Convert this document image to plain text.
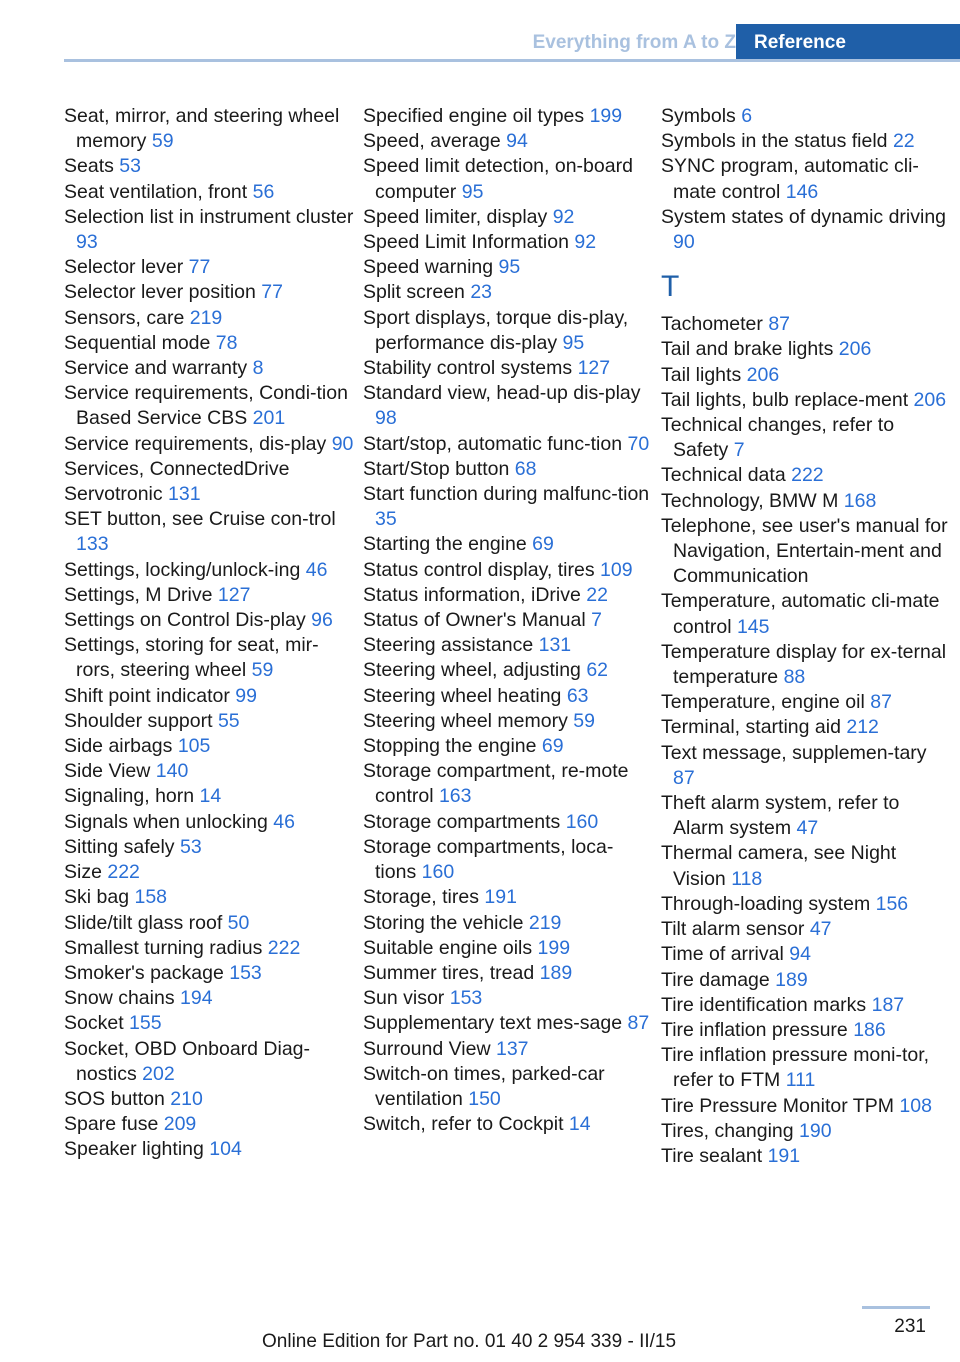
Everything from A to Z Reference

Seat, mirror, and steering wheel memory 59

Seats 53

Seat ventilation, front 56

Selection list in instrument cluster 93

Selector lever 77

Selector lever position 77

Sensors, care 219

Sequential mode 78

Service and warranty 8

Service requirements, Condi-tion Based Service CBS 201

Service requirements, dis-play 90

Services, ConnectedDrive

Servotronic 131

SET button, see Cruise con-trol 133

Settings, locking/unlock-ing 46

Settings, M Drive 127

Settings on Control Dis-play 96

Settings, storing for seat, mir-rors, steering wheel 59

Shift point indicator 99

Shoulder support 55

Side airbags 105

Side View 140

Signaling, horn 14

Signals when unlocking 46

Sitting safely 53

Size 222

Ski bag 158

Slide/tilt glass roof 50

Smallest turning radius 222

Smoker's package 153

Snow chains 194

Socket 155

Socket, OBD Onboard Diag-nostics 202

SOS button 210

Spare fuse 209

Speaker lighting 104

Specified engine oil types 199

Speed, average 94

Speed limit detection, on-board computer 95

Speed limiter, display 92

Speed Limit Information 92

Speed warning 95

Split screen 23

Sport displays, torque dis-play, performance dis-play 95

Stability control systems 127

Standard view, head-up dis-play 98

Start/stop, automatic func-tion 70

Start/Stop button 68

Start function during malfunc-tion 35

Starting the engine 69

Status control display, tires 109

Status information, iDrive 22

Status of Owner's Manual 7

Steering assistance 131

Steering wheel, adjusting 62

Steering wheel heating 63

Steering wheel memory 59

Stopping the engine 69

Storage compartment, re-mote control 163

Storage compartments 160

Storage compartments, loca-tions 160

Storage, tires 191

Storing the vehicle 219

Suitable engine oils 199

Summer tires, tread 189

Sun visor 153

Supplementary text mes-sage 87

Surround View 137

Switch-on times, parked-car ventilation 150

Switch, refer to Cockpit 14

Symbols 6

Symbols in the status field 22

SYNC program, automatic cli-mate control 146

System states of dynamic driving 90

T

Tachometer 87

Tail and brake lights 206

Tail lights 206

Tail lights, bulb replace-ment 206

Technical changes, refer to Safety 7

Technical data 222

Technology, BMW M 168

Telephone, see user's manual for Navigation, Entertain-ment and Communication

Temperature, automatic cli-mate control 145

Temperature display for ex-ternal temperature 88

Temperature, engine oil 87

Terminal, starting aid 212

Text message, supplemen-tary 87

Theft alarm system, refer to Alarm system 47

Thermal camera, see Night Vision 118

Through-loading system 156

Tilt alarm sensor 47

Time of arrival 94

Tire damage 189

Tire identification marks 187

Tire inflation pressure 186

Tire inflation pressure moni-tor, refer to FTM 111

Tire Pressure Monitor TPM 108

Tires, changing 190

Tire sealant 191

231
Online Edition for Part no. 01 40 2 954 339 - II/15
